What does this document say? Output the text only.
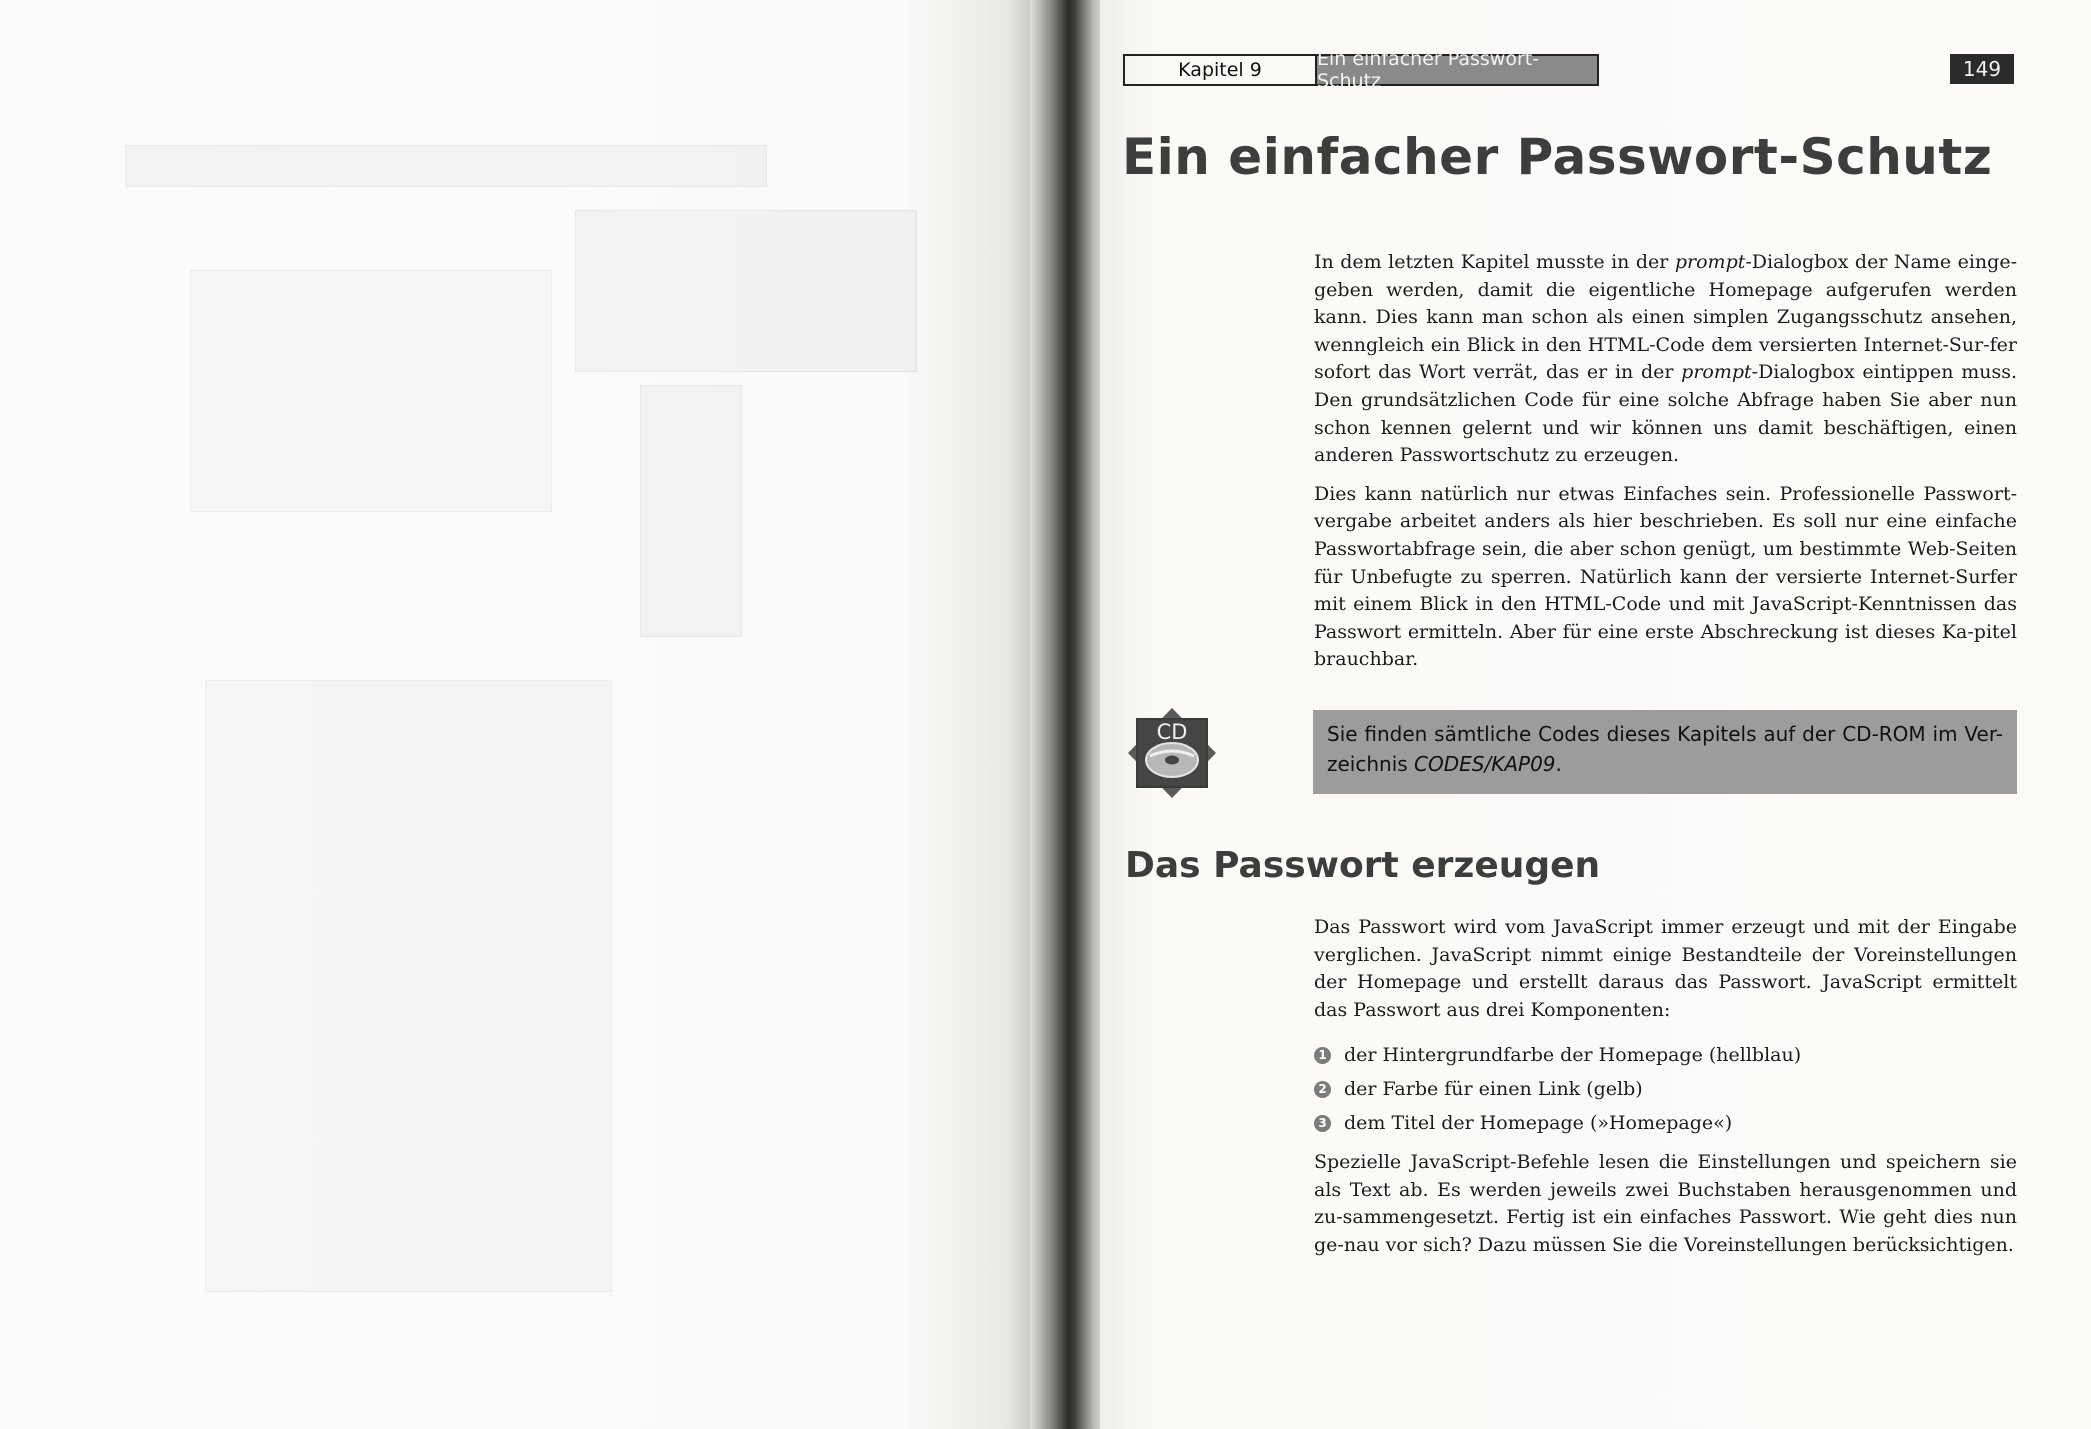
Kapitel 9	Ein einfacher Passwort-Schutz	149
Ein einfacher Passwort-Schutz

In dem letzten Kapitel musste in der prompt-Dialogbox der Name einge-geben werden, damit die eigentliche Homepage aufgerufen werden kann. Dies kann man schon als einen simplen Zugangsschutz ansehen, wenngleich ein Blick in den HTML-Code dem versierten Internet-Sur-fer sofort das Wort verrät, das er in der prompt-Dialogbox eintippen muss. Den grundsätzlichen Code für eine solche Abfrage haben Sie aber nun schon kennen gelernt und wir können uns damit beschäftigen, einen anderen Passwortschutz zu erzeugen.

Dies kann natürlich nur etwas Einfaches sein. Professionelle Passwort-vergabe arbeitet anders als hier beschrieben. Es soll nur eine einfache Passwortabfrage sein, die aber schon genügt, um bestimmte Web-Seiten für Unbefugte zu sperren. Natürlich kann der versierte Internet-Surfer mit einem Blick in den HTML-Code und mit JavaScript-Kenntnissen das Passwort ermitteln. Aber für eine erste Abschreckung ist dieses Ka-pitel brauchbar.

CD	Sie finden sämtliche Codes dieses Kapitels auf der CD-ROM im Ver-zeichnis CODES/KAP09.
Das Passwort erzeugen

Das Passwort wird vom JavaScript immer erzeugt und mit der Eingabe verglichen. JavaScript nimmt einige Bestandteile der Voreinstellungen der Homepage und erstellt daraus das Passwort. JavaScript ermittelt das Passwort aus drei Komponenten:

1 der Hintergrundfarbe der Homepage (hellblau)
2 der Farbe für einen Link (gelb)
3 dem Titel der Homepage (»Homepage«)

Spezielle JavaScript-Befehle lesen die Einstellungen und speichern sie als Text ab. Es werden jeweils zwei Buchstaben herausgenommen und zu-sammengesetzt. Fertig ist ein einfaches Passwort. Wie geht dies nun ge-nau vor sich? Dazu müssen Sie die Voreinstellungen berücksichtigen.
